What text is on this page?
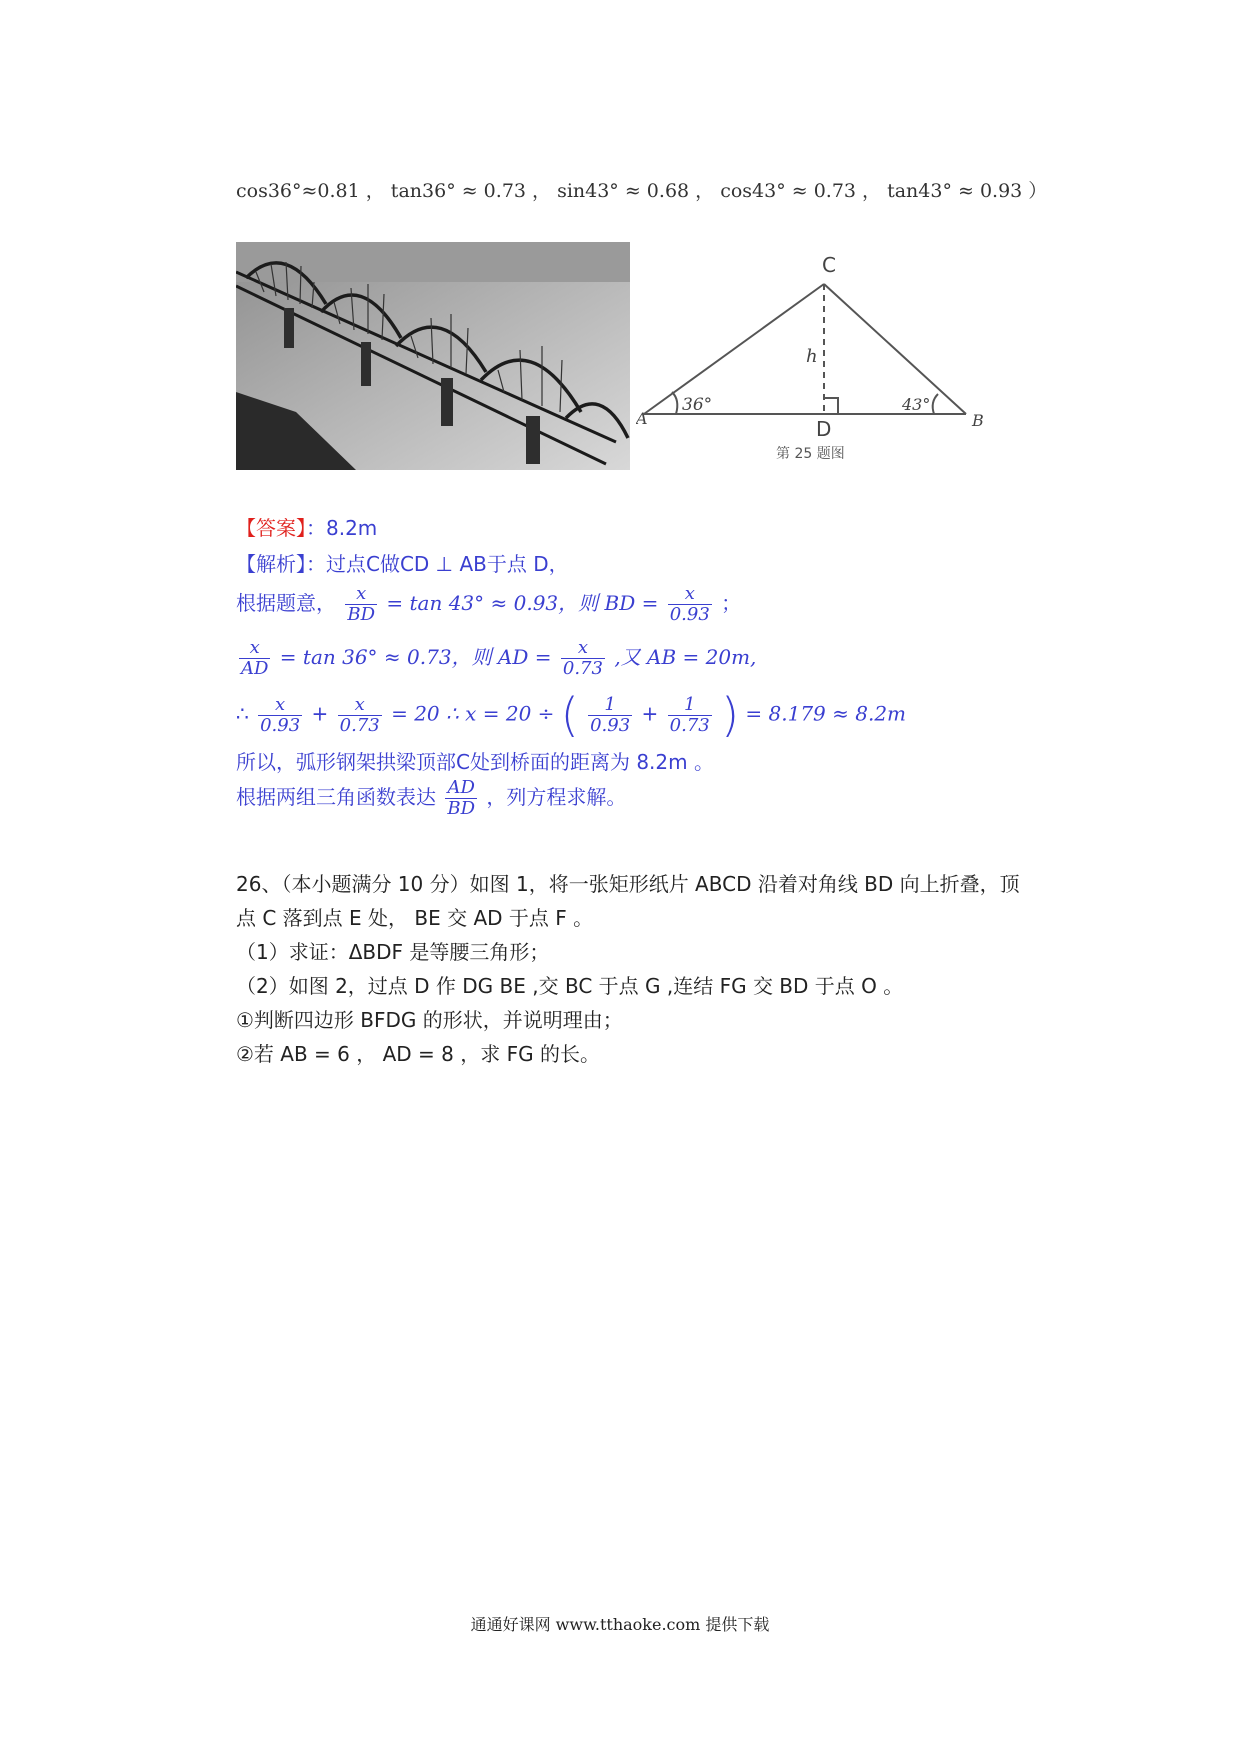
cos36°≈0.81 ， tan36° ≈ 0.73 ， sin43° ≈ 0.68 ， cos43° ≈ 0.73 ， tan43° ≈ 0.93 ）
C
A	B
D
h
36°	43°
第 25 题图
【答案】：8.2m
【解析】：过点C做CD ⊥ AB于点 D，
根据题意， $\frac{x}{BD} = \tan 43^\circ \approx 0.93$，则 BD = $\frac{x}{0.93}$ ；
$\frac{x}{AD} = \tan 36^\circ \approx 0.73$，则 AD = $\frac{x}{0.73}$ ,又 AB = 20m,
∴ $\frac{x}{0.93} + \frac{x}{0.73} = 20$ ∴ x = 20 ÷ ( $\frac{1}{0.93} + \frac{1}{0.73}$ ) = 8.179 ≈ 8.2m
所以，弧形钢架拱梁顶部C处到桥面的距离为 8.2m 。
根据两组三角函数表达 $\frac{AD}{BD}$ ，列方程求解。
26、（本小题满分 10 分）如图 1，将一张矩形纸片 ABCD 沿着对角线 BD 向上折叠，顶
点 C 落到点 E 处， BE 交 AD 于点 F 。
（1）求证：ΔBDF 是等腰三角形；
（2）如图 2，过点 D 作 DG BE ,交 BC 于点 G ,连结 FG 交 BD 于点 O 。
①判断四边形 BFDG 的形状，并说明理由；
②若 AB = 6 ， AD = 8 ，求 FG 的长。
通通好课网 www.tthaoke.com 提供下载
